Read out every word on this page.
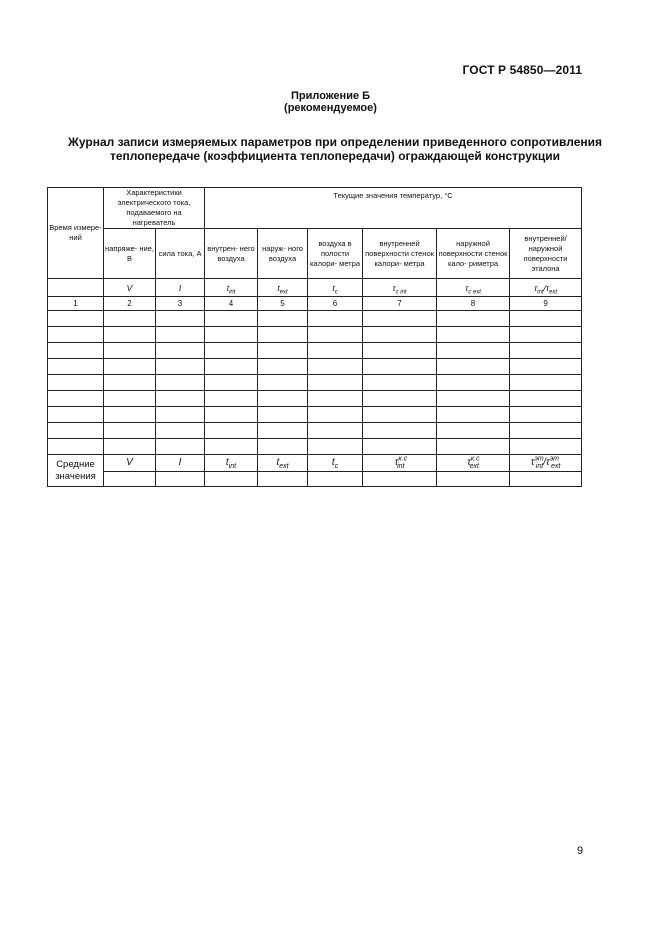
ГОСТ Р 54850—2011
Приложение Б
(рекомендуемое)
Журнал записи измеряемых параметров при определении приведенного сопротивления
теплопередаче (коэффициента теплопередачи) ограждающей конструкции
Время измере- ний	Характеристики электрического тока, подаваемого на нагреватель		Текущие значения температур, °С					

	напряже- ние, В	сила тока, А	внутрен- него воздуха	наруж- ного воздуха	воздуха в полости калори- метра	внутренней поверхности стенок калори- метра	наружной поверхности стенок кало- риметра	внутренней/ наружной поверхности эталона
	V	I	$t_{int}$	$t_{ext}$	$t_c$	$\tau_{c int}$	$\tau_{c ext}$	$\tau_{int}/\tau_{ext}$
1	2	3	4	5	6	7	8	9

Средние значения	V	I	$t_{int}$	$t_{ext}$	$t_c$	$\tau^{к.с}_{int}$	$\tau^{к.с}_{ext}$	$\tau^{эт}_{int}/\tau^{эт}_{ext}$

9
